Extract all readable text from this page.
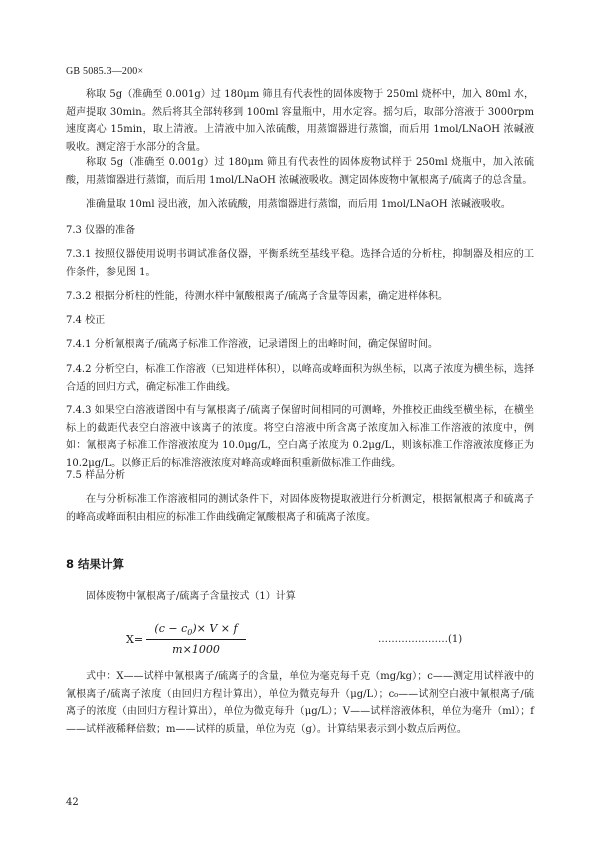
GB 5085.3—200×
称取 5g（准确至 0.001g）过 180μm 筛且有代表性的固体废物于 250ml 烧杯中，加入 80ml 水，超声提取 30min。然后将其全部转移到 100ml 容量瓶中，用水定容。摇匀后，取部分溶液于 3000rpm 速度离心 15min，取上清液。上清液中加入浓硫酸，用蒸馏器进行蒸馏，而后用 1mol/LNaOH 浓碱液吸收。测定溶于水部分的含量。
称取 5g（准确至 0.001g）过 180μm 筛且有代表性的固体废物试样于 250ml 烧瓶中，加入浓硫酸，用蒸馏器进行蒸馏，而后用 1mol/LNaOH 浓碱液吸收。测定固体废物中氰根离子/硫离子的总含量。
准确量取 10ml 浸出液，加入浓硫酸，用蒸馏器进行蒸馏，而后用 1mol/LNaOH 浓碱液吸收。
7.3 仪器的准备
7.3.1 按照仪器使用说明书调试准备仪器，平衡系统至基线平稳。选择合适的分析柱，抑制器及相应的工作条件，参见图 1。
7.3.2 根据分析柱的性能，待测水样中氰酸根离子/硫离子含量等因素，确定进样体积。
7.4 校正
7.4.1 分析氰根离子/硫离子标准工作溶液，记录谱图上的出峰时间，确定保留时间。
7.4.2 分析空白，标准工作溶液（已知进样体积），以峰高或峰面积为纵坐标，以离子浓度为横坐标，选择合适的回归方式，确定标准工作曲线。
7.4.3 如果空白溶液谱图中有与氰根离子/硫离子保留时间相同的可测峰，外推校正曲线至横坐标，在横坐标上的截距代表空白溶液中该离子的浓度。将空白溶液中所含离子浓度加入标准工作溶液的浓度中，例如：氰根离子标准工作溶液浓度为 10.0μg/L，空白离子浓度为 0.2μg/L，则该标准工作溶液浓度修正为 10.2μg/L。以修正后的标准溶液浓度对峰高或峰面积重新做标准工作曲线。
7.5 样品分析
在与分析标准工作溶液相同的测试条件下，对固体废物提取液进行分析测定，根据氰根离子和硫离子的峰高或峰面积由相应的标准工作曲线确定氰酸根离子和硫离子浓度。
8 结果计算
固体废物中氰根离子/硫离子含量按式（1）计算
X=
$(c - c_0)\times V \times f$
m×1000
…………………(1)
式中：X——试样中氰根离子/硫离子的含量，单位为毫克每千克（mg/kg）；c——测定用试样液中的氰根离子/硫离子浓度（由回归方程计算出），单位为微克每升（μg/L）；c₀——试剂空白液中氰根离子/硫离子的浓度（由回归方程计算出），单位为微克每升（μg/L）；V——试样溶液体积，单位为毫升（ml）；f——试样液稀释倍数；m——试样的质量，单位为克（g）。计算结果表示到小数点后两位。
42
